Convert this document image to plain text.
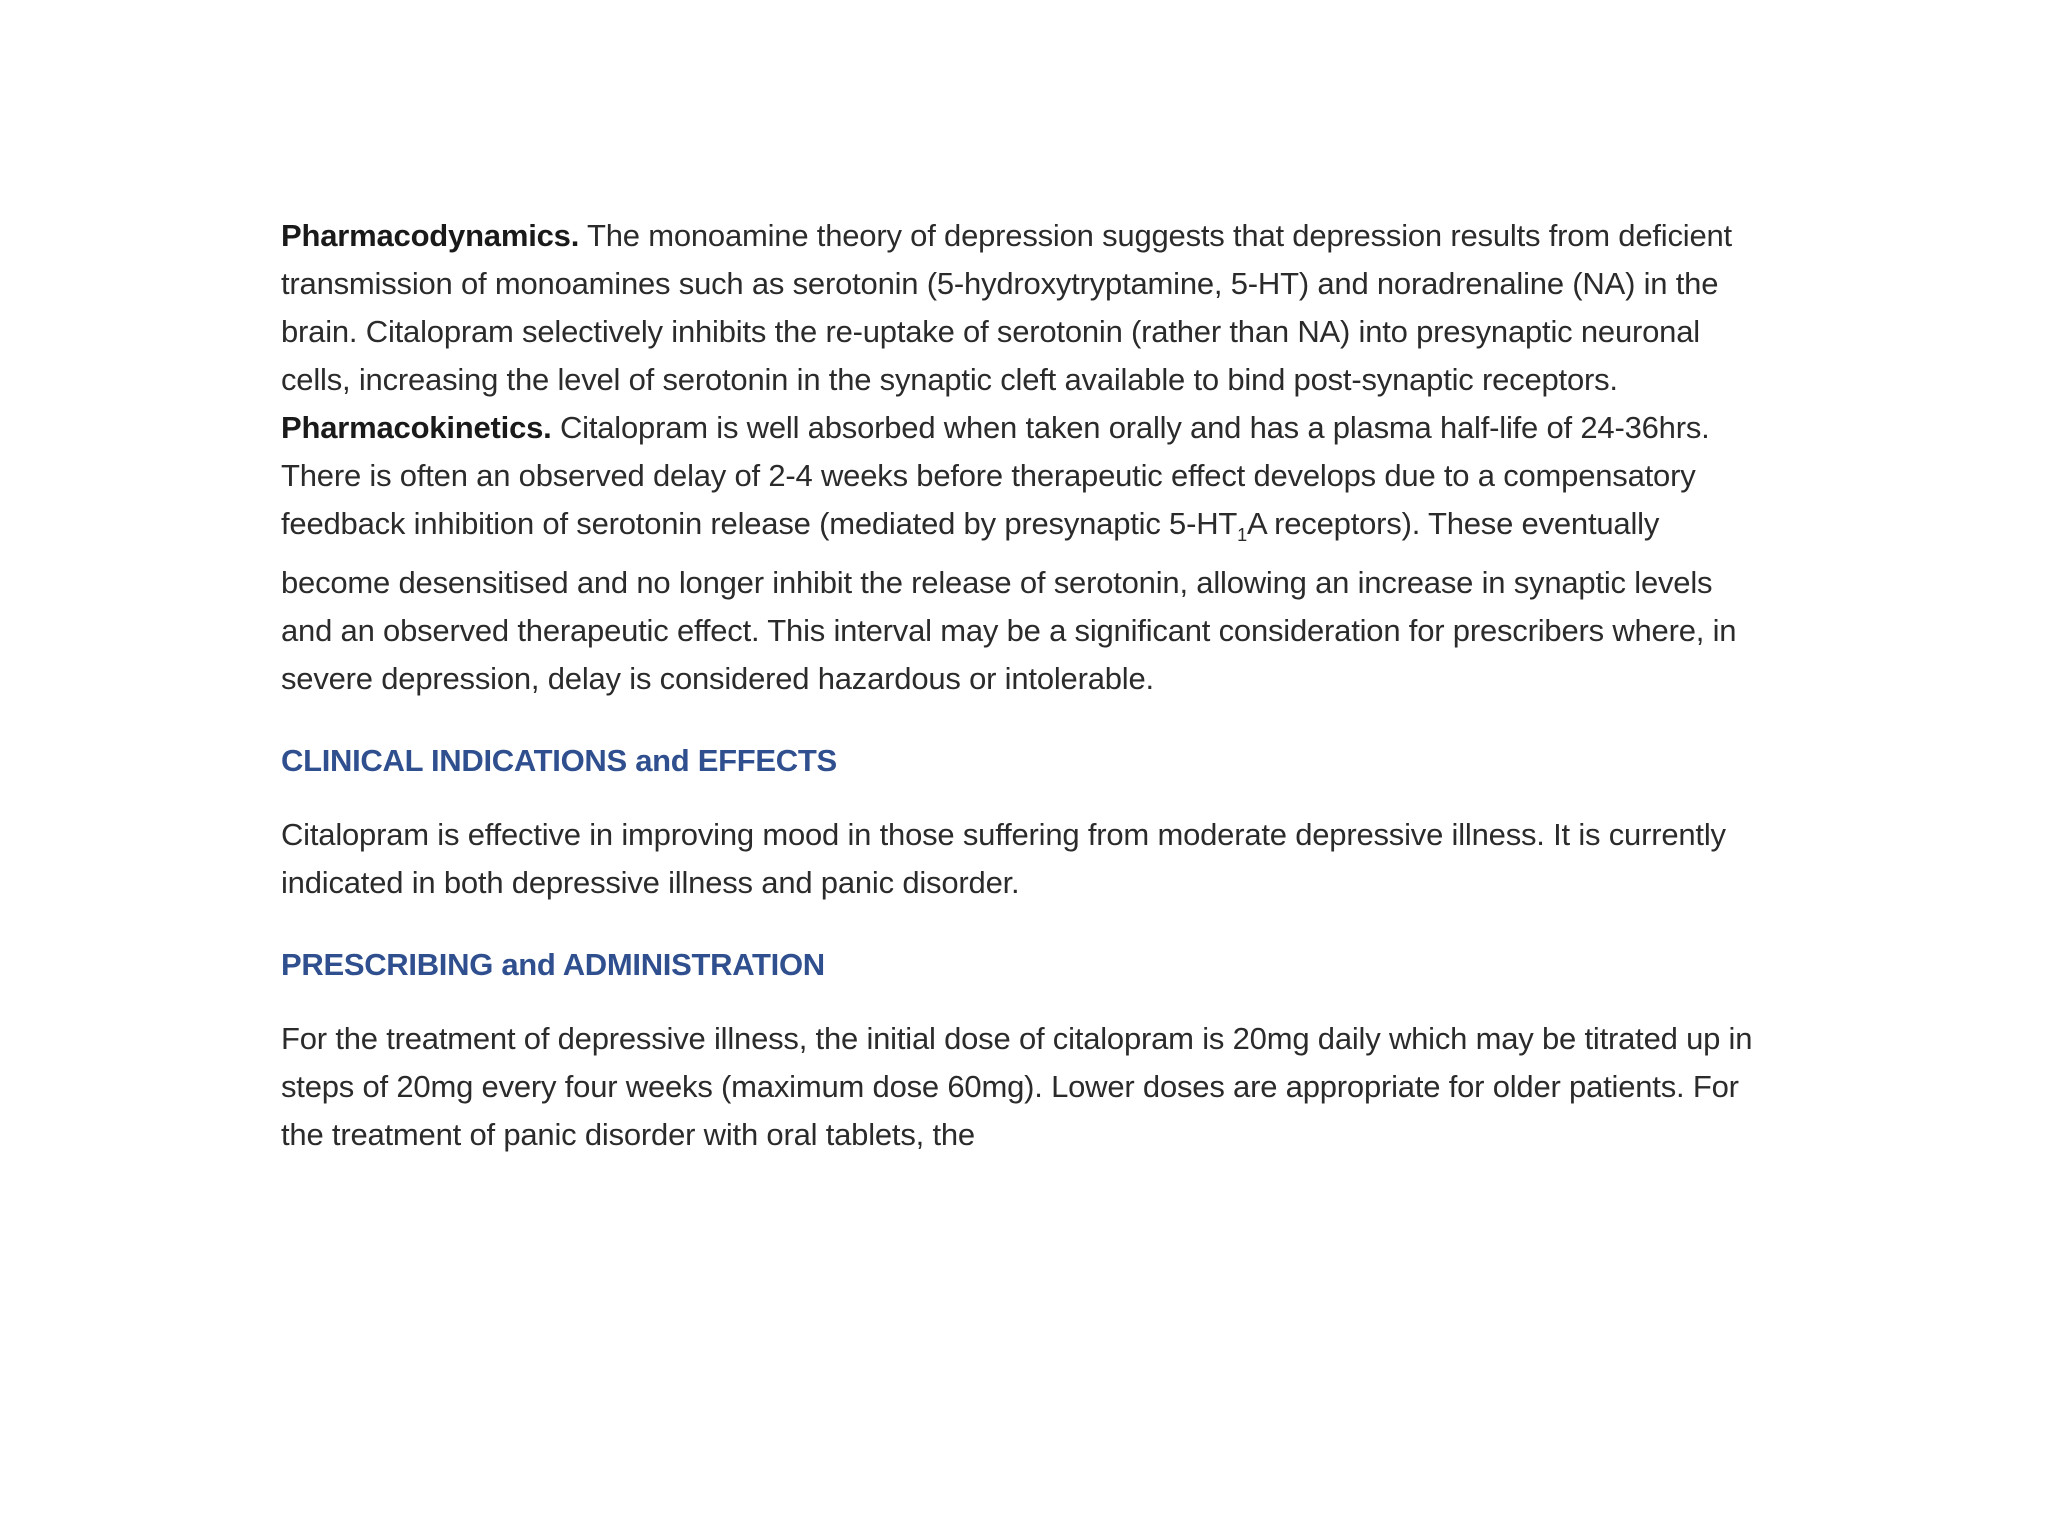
Pharmacodynamics. The monoamine theory of depression suggests that depression results from deficient transmission of monoamines such as serotonin (5-hydroxytryptamine, 5-HT) and noradrenaline (NA) in the brain. Citalopram selectively inhibits the re-uptake of serotonin (rather than NA) into presynaptic neuronal cells, increasing the level of serotonin in the synaptic cleft available to bind post-synaptic receptors.

Pharmacokinetics. Citalopram is well absorbed when taken orally and has a plasma half-life of 24-36hrs. There is often an observed delay of 2-4 weeks before therapeutic effect develops due to a compensatory feedback inhibition of serotonin release (mediated by presynaptic $5-HT_1A$ receptors). These eventually become desensitised and no longer inhibit the release of serotonin, allowing an increase in synaptic levels and an observed therapeutic effect. This interval may be a significant consideration for prescribers where, in severe depression, delay is considered hazardous or intolerable.

CLINICAL INDICATIONS and EFFECTS

Citalopram is effective in improving mood in those suffering from moderate depressive illness. It is currently indicated in both depressive illness and panic disorder.

PRESCRIBING and ADMINISTRATION

For the treatment of depressive illness, the initial dose of citalopram is 20mg daily which may be titrated up in steps of 20mg every four weeks (maximum dose 60mg). Lower doses are appropriate for older patients. For the treatment of panic disorder with oral tablets, the
